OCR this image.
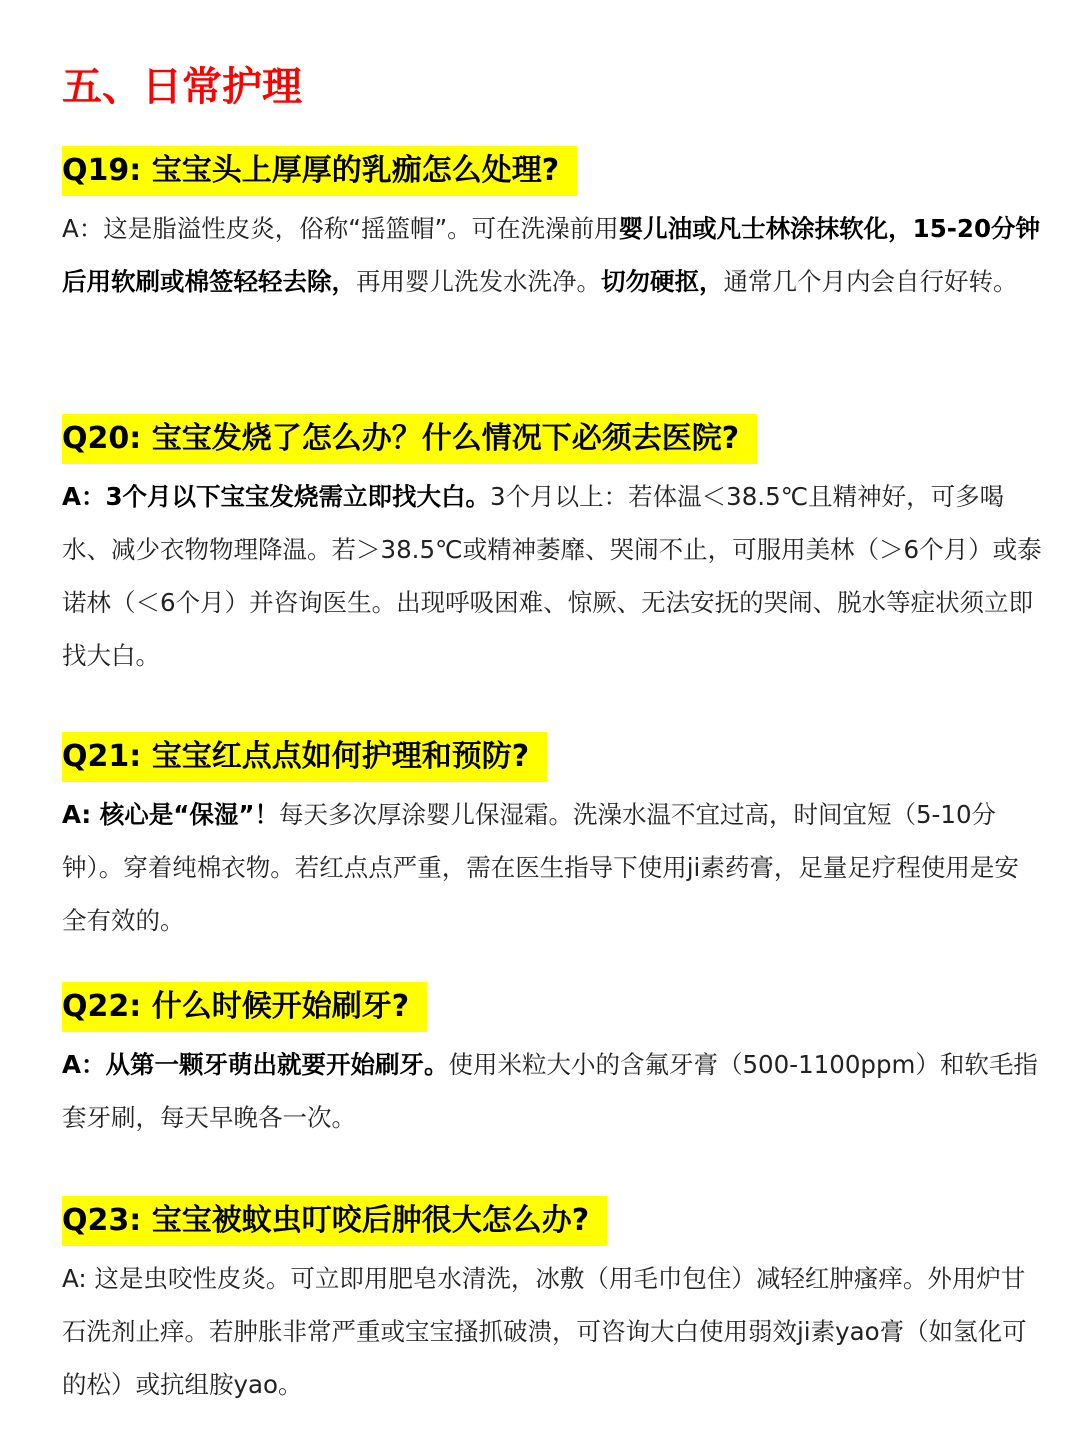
五、日常护理
Q19: 宝宝头上厚厚的乳痂怎么处理?
A：这是脂溢性皮炎，俗称“摇篮帽”。可在洗澡前用婴儿油或凡士林涂抹软化，15-20分钟后用软刷或棉签轻轻去除，再用婴儿洗发水洗净。切勿硬抠，通常几个月内会自行好转。
Q20: 宝宝发烧了怎么办？什么情况下必须去医院?
A：3个月以下宝宝发烧需立即找大白。3个月以上：若体温＜38.5℃且精神好，可多喝水、减少衣物物理降温。若＞38.5℃或精神萎靡、哭闹不止，可服用美林（＞6个月）或泰诺林（＜6个月）并咨询医生。出现呼吸困难、惊厥、无法安抚的哭闹、脱水等症状须立即找大白。
Q21: 宝宝红点点如何护理和预防?
A: 核心是“保湿”！每天多次厚涂婴儿保湿霜。洗澡水温不宜过高，时间宜短（5-10分钟）。穿着纯棉衣物。若红点点严重，需在医生指导下使用ji素药膏，足量足疗程使用是安全有效的。
Q22: 什么时候开始刷牙?
A：从第一颗牙萌出就要开始刷牙。使用米粒大小的含氟牙膏（500-1100ppm）和软毛指套牙刷，每天早晚各一次。
Q23: 宝宝被蚊虫叮咬后肿很大怎么办?
A: 这是虫咬性皮炎。可立即用肥皂水清洗，冰敷（用毛巾包住）减轻红肿瘙痒。外用炉甘石洗剂止痒。若肿胀非常严重或宝宝搔抓破溃，可咨询大白使用弱效ji素yao膏（如氢化可的松）或抗组胺yao。
